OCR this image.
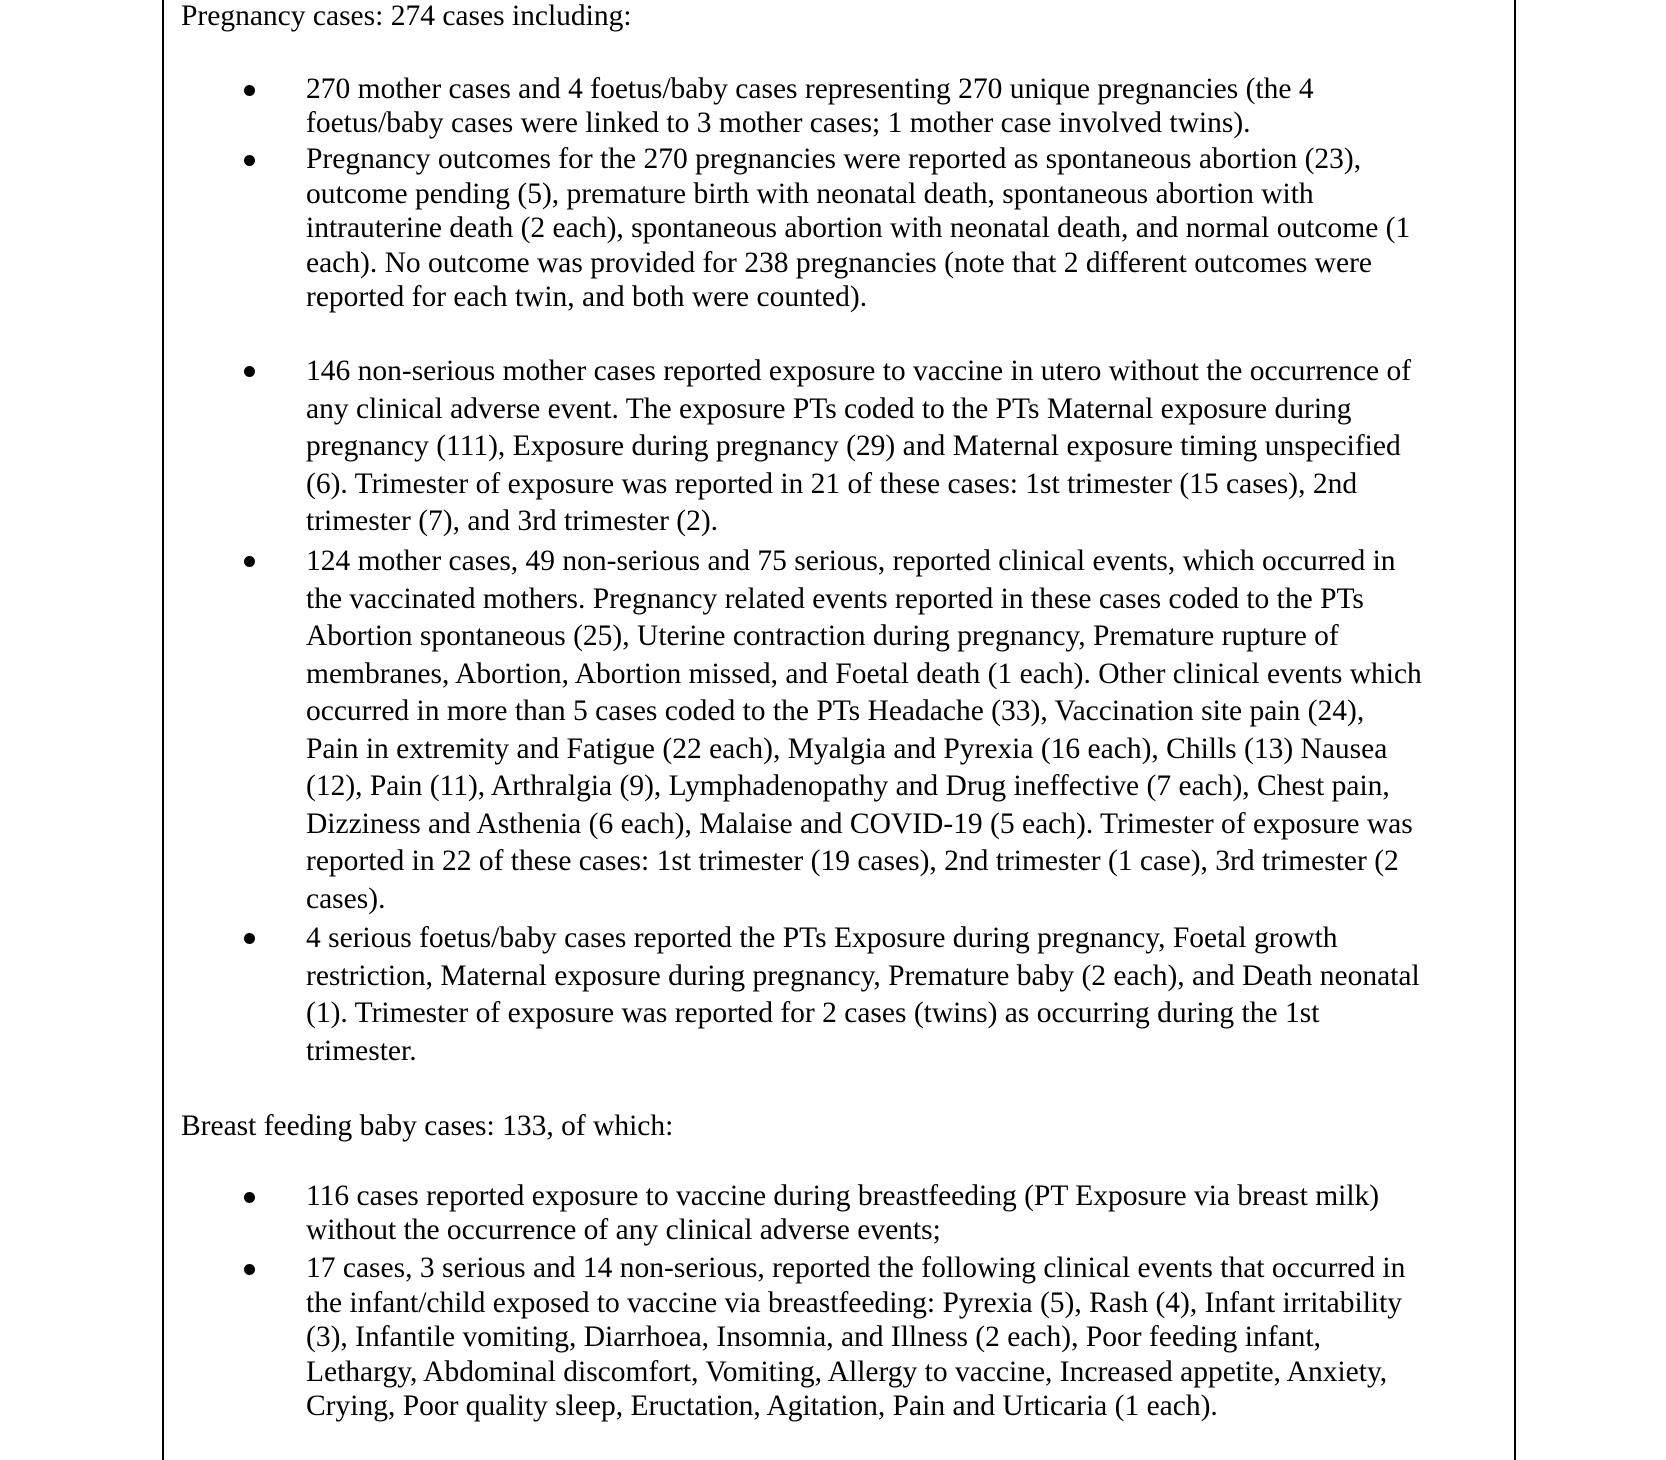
Pregnancy cases: 274 cases including:

270 mother cases and 4 foetus/baby cases representing 270 unique pregnancies (the 4
foetus/baby cases were linked to 3 mother cases; 1 mother case involved twins).

Pregnancy outcomes for the 270 pregnancies were reported as spontaneous abortion (23),
outcome pending (5), premature birth with neonatal death, spontaneous abortion with
intrauterine death (2 each), spontaneous abortion with neonatal death, and normal outcome (1
each). No outcome was provided for 238 pregnancies (note that 2 different outcomes were
reported for each twin, and both were counted).

146 non-serious mother cases reported exposure to vaccine in utero without the occurrence of
any clinical adverse event. The exposure PTs coded to the PTs Maternal exposure during
pregnancy (111), Exposure during pregnancy (29) and Maternal exposure timing unspecified
(6). Trimester of exposure was reported in 21 of these cases: 1st trimester (15 cases), 2nd
trimester (7), and 3rd trimester (2).

124 mother cases, 49 non-serious and 75 serious, reported clinical events, which occurred in
the vaccinated mothers. Pregnancy related events reported in these cases coded to the PTs
Abortion spontaneous (25), Uterine contraction during pregnancy, Premature rupture of
membranes, Abortion, Abortion missed, and Foetal death (1 each). Other clinical events which
occurred in more than 5 cases coded to the PTs Headache (33), Vaccination site pain (24),
Pain in extremity and Fatigue (22 each), Myalgia and Pyrexia (16 each), Chills (13) Nausea
(12), Pain (11), Arthralgia (9), Lymphadenopathy and Drug ineffective (7 each), Chest pain,
Dizziness and Asthenia (6 each), Malaise and COVID-19 (5 each). Trimester of exposure was
reported in 22 of these cases: 1st trimester (19 cases), 2nd trimester (1 case), 3rd trimester (2
cases).

4 serious foetus/baby cases reported the PTs Exposure during pregnancy, Foetal growth
restriction, Maternal exposure during pregnancy, Premature baby (2 each), and Death neonatal
(1). Trimester of exposure was reported for 2 cases (twins) as occurring during the 1st
trimester.

Breast feeding baby cases: 133, of which:

116 cases reported exposure to vaccine during breastfeeding (PT Exposure via breast milk)
without the occurrence of any clinical adverse events;

17 cases, 3 serious and 14 non-serious, reported the following clinical events that occurred in
the infant/child exposed to vaccine via breastfeeding: Pyrexia (5), Rash (4), Infant irritability
(3), Infantile vomiting, Diarrhoea, Insomnia, and Illness (2 each), Poor feeding infant,
Lethargy, Abdominal discomfort, Vomiting, Allergy to vaccine, Increased appetite, Anxiety,
Crying, Poor quality sleep, Eructation, Agitation, Pain and Urticaria (1 each).
